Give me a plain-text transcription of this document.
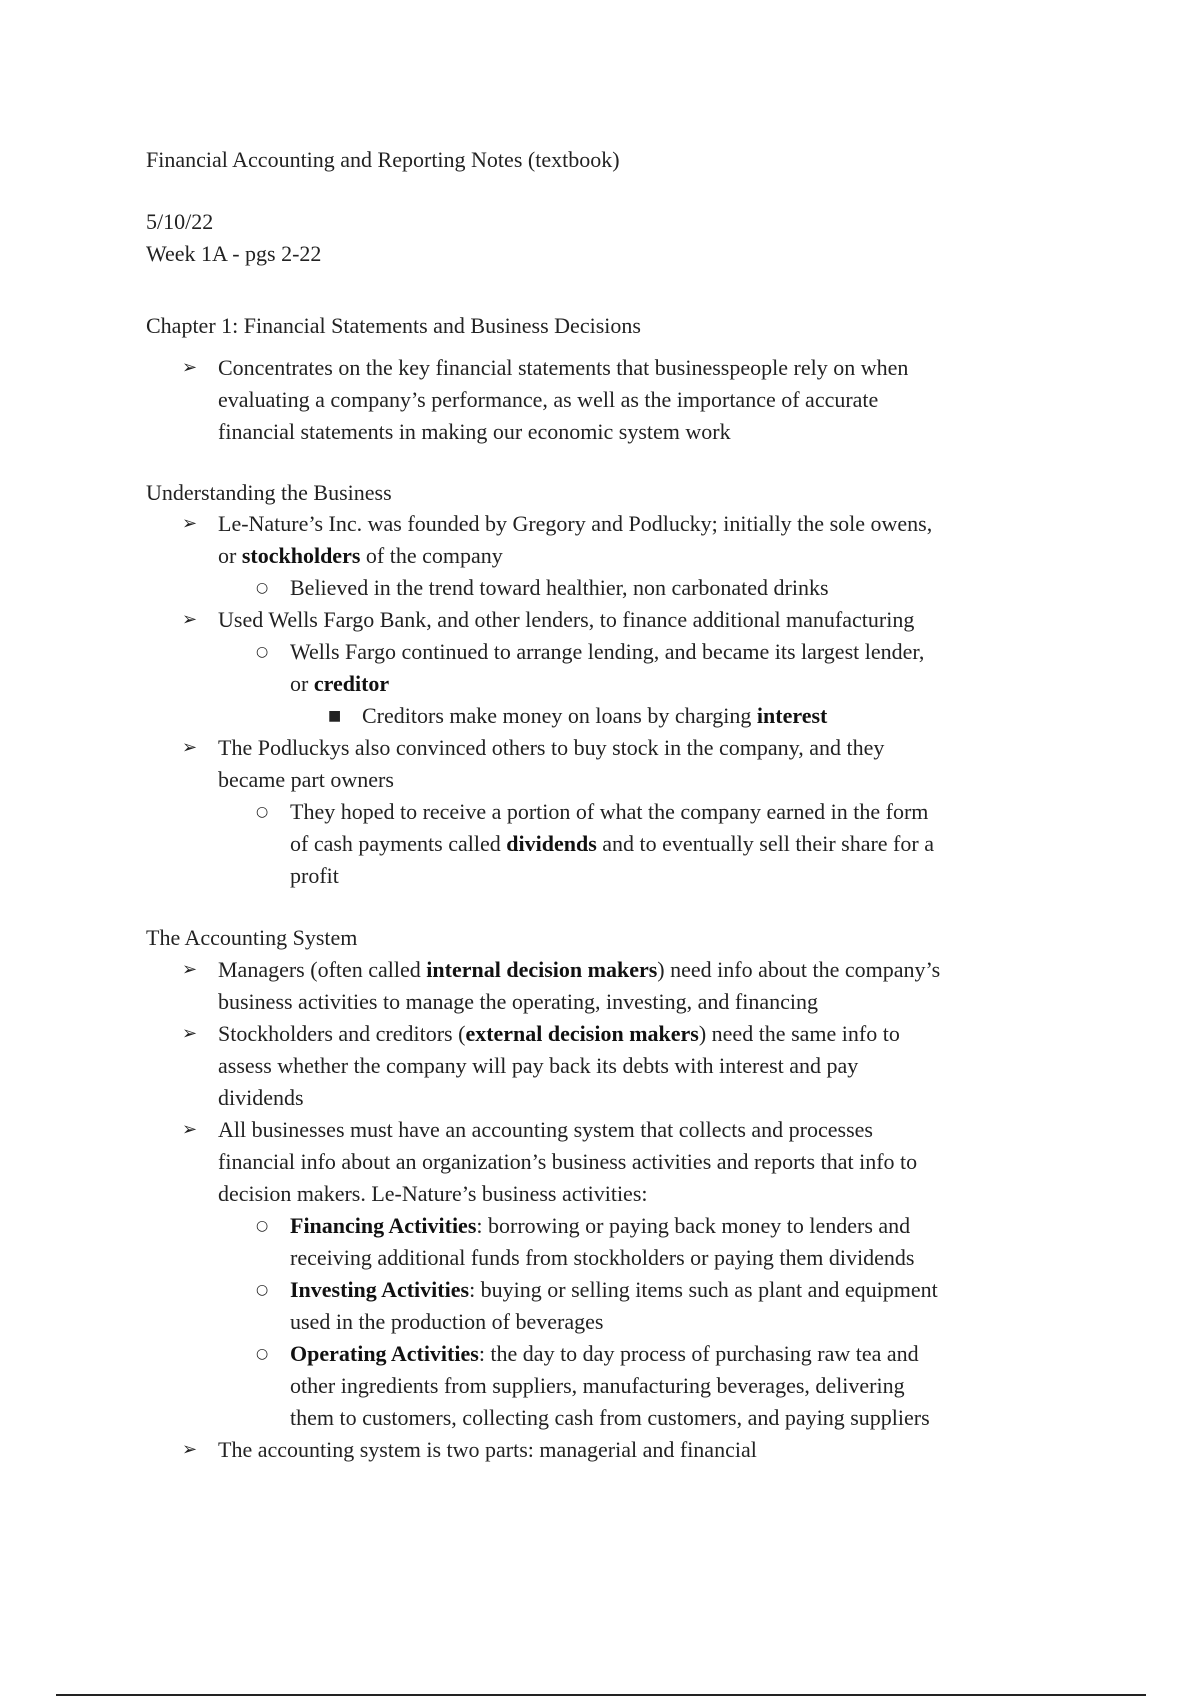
Financial Accounting and Reporting Notes (textbook)

5/10/22

Week 1A - pgs 2-22

Chapter 1: Financial Statements and Business Decisions

➢ Concentrates on the key financial statements that businesspeople rely on when evaluating a company’s performance, as well as the importance of accurate financial statements in making our economic system work

Understanding the Business

➢ Le-Nature’s Inc. was founded by Gregory and Podlucky; initially the sole owens, or stockholders of the company
○ Believed in the trend toward healthier, non carbonated drinks
➢ Used Wells Fargo Bank, and other lenders, to finance additional manufacturing
○ Wells Fargo continued to arrange lending, and became its largest lender, or creditor
■ Creditors make money on loans by charging interest
➢ The Podluckys also convinced others to buy stock in the company, and they became part owners
○ They hoped to receive a portion of what the company earned in the form of cash payments called dividends and to eventually sell their share for a profit

The Accounting System

➢ Managers (often called internal decision makers) need info about the company’s business activities to manage the operating, investing, and financing
➢ Stockholders and creditors (external decision makers) need the same info to assess whether the company will pay back its debts with interest and pay dividends
➢ All businesses must have an accounting system that collects and processes financial info about an organization’s business activities and reports that info to decision makers. Le-Nature’s business activities:
○ Financing Activities: borrowing or paying back money to lenders and receiving additional funds from stockholders or paying them dividends
○ Investing Activities: buying or selling items such as plant and equipment used in the production of beverages
○ Operating Activities: the day to day process of purchasing raw tea and other ingredients from suppliers, manufacturing beverages, delivering them to customers, collecting cash from customers, and paying suppliers
➢ The accounting system is two parts: managerial and financial
